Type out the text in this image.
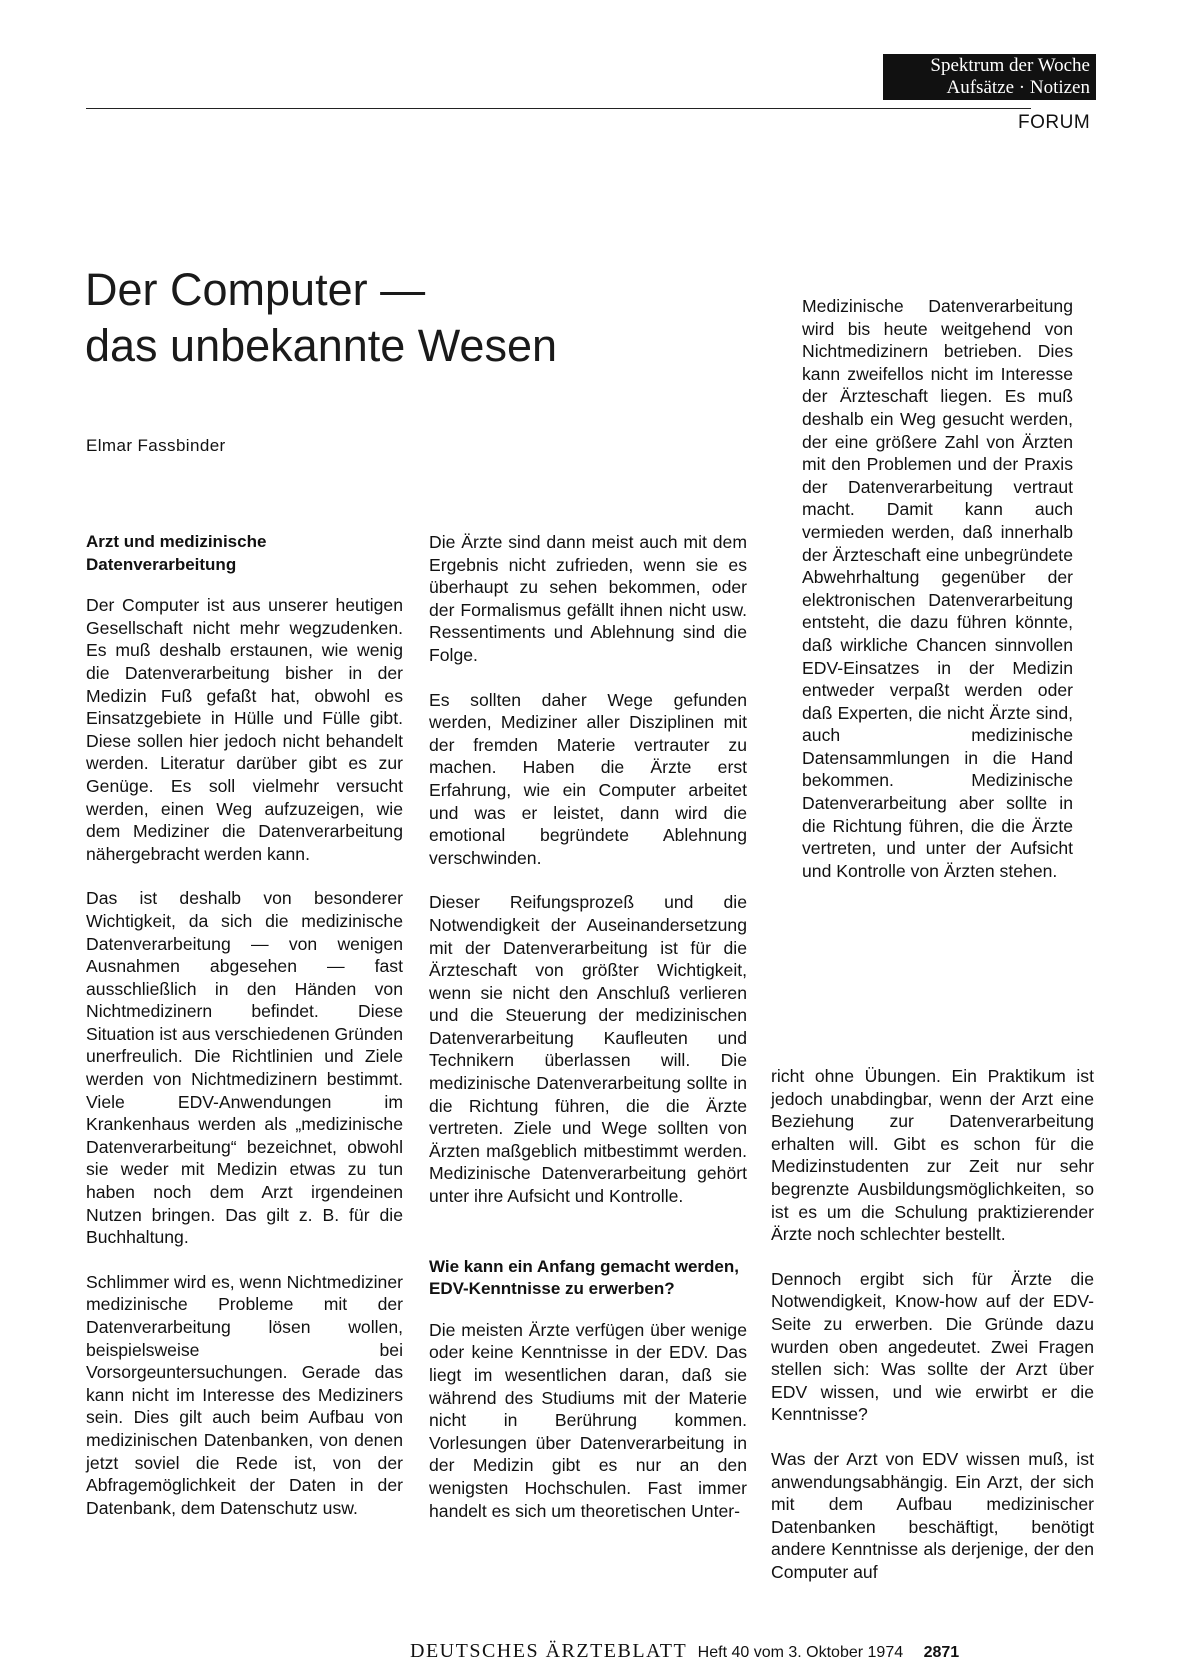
Spektrum der Woche
Aufsätze · Notizen
FORUM
Der Computer —
das unbekannte Wesen
Elmar Fassbinder
Arzt und medizinische Datenverarbeitung

Der Computer ist aus unserer heutigen Gesellschaft nicht mehr wegzudenken. Es muß deshalb erstaunen, wie wenig die Datenverarbeitung bisher in der Medizin Fuß gefaßt hat, obwohl es Einsatzgebiete in Hülle und Fülle gibt. Diese sollen hier jedoch nicht behandelt werden. Literatur darüber gibt es zur Genüge. Es soll vielmehr versucht werden, einen Weg aufzuzeigen, wie dem Mediziner die Datenverarbeitung nähergebracht werden kann.

Das ist deshalb von besonderer Wichtigkeit, da sich die medizinische Datenverarbeitung — von wenigen Ausnahmen abgesehen — fast ausschließlich in den Händen von Nichtmedizinern befindet. Diese Situation ist aus verschiedenen Gründen unerfreulich. Die Richtlinien und Ziele werden von Nichtmedizinern bestimmt. Viele EDV-Anwendungen im Krankenhaus werden als „medizinische Datenverarbeitung“ bezeichnet, obwohl sie weder mit Medizin etwas zu tun haben noch dem Arzt irgendeinen Nutzen bringen. Das gilt z. B. für die Buchhaltung.

Schlimmer wird es, wenn Nichtmediziner medizinische Probleme mit der Datenverarbeitung lösen wollen, beispielsweise bei Vorsorgeuntersuchungen. Gerade das kann nicht im Interesse des Mediziners sein. Dies gilt auch beim Aufbau von medizinischen Datenbanken, von denen jetzt soviel die Rede ist, von der Abfragemöglichkeit der Daten in der Datenbank, dem Datenschutz usw.

Die Ärzte sind dann meist auch mit dem Ergebnis nicht zufrieden, wenn sie es überhaupt zu sehen bekommen, oder der Formalismus gefällt ihnen nicht usw. Ressentiments und Ablehnung sind die Folge.

Es sollten daher Wege gefunden werden, Mediziner aller Disziplinen mit der fremden Materie vertrauter zu machen. Haben die Ärzte erst Erfahrung, wie ein Computer arbeitet und was er leistet, dann wird die emotional begründete Ablehnung verschwinden.

Dieser Reifungsprozeß und die Notwendigkeit der Auseinandersetzung mit der Datenverarbeitung ist für die Ärzteschaft von größter Wichtigkeit, wenn sie nicht den Anschluß verlieren und die Steuerung der medizinischen Datenverarbeitung Kaufleuten und Technikern überlassen will. Die medizinische Datenverarbeitung sollte in die Richtung führen, die die Ärzte vertreten. Ziele und Wege sollten von Ärzten maßgeblich mitbestimmt werden. Medizinische Datenverarbeitung gehört unter ihre Aufsicht und Kontrolle.

Wie kann ein Anfang gemacht werden, EDV-Kenntnisse zu erwerben?

Die meisten Ärzte verfügen über wenige oder keine Kenntnisse in der EDV. Das liegt im wesentlichen daran, daß sie während des Studiums mit der Materie nicht in Berührung kommen. Vorlesungen über Datenverarbeitung in der Medizin gibt es nur an den wenigsten Hochschulen. Fast immer handelt es sich um theoretischen Unter-

Medizinische Datenverarbeitung wird bis heute weitgehend von Nichtmedizinern betrieben. Dies kann zweifellos nicht im Interesse der Ärzteschaft liegen. Es muß deshalb ein Weg gesucht werden, der eine größere Zahl von Ärzten mit den Problemen und der Praxis der Datenverarbeitung vertraut macht. Damit kann auch vermieden werden, daß innerhalb der Ärzteschaft eine unbegründete Abwehrhaltung gegenüber der elektronischen Datenverarbeitung entsteht, die dazu führen könnte, daß wirkliche Chancen sinnvollen EDV-Einsatzes in der Medizin entweder verpaßt werden oder daß Experten, die nicht Ärzte sind, auch medizinische Datensammlungen in die Hand bekommen. Medizinische Datenverarbeitung aber sollte in die Richtung führen, die die Ärzte vertreten, und unter der Aufsicht und Kontrolle von Ärzten stehen.

richt ohne Übungen. Ein Praktikum ist jedoch unabdingbar, wenn der Arzt eine Beziehung zur Datenverarbeitung erhalten will. Gibt es schon für die Medizinstudenten zur Zeit nur sehr begrenzte Ausbildungsmöglichkeiten, so ist es um die Schulung praktizierender Ärzte noch schlechter bestellt.

Dennoch ergibt sich für Ärzte die Notwendigkeit, Know-how auf der EDV-Seite zu erwerben. Die Gründe dazu wurden oben angedeutet. Zwei Fragen stellen sich: Was sollte der Arzt über EDV wissen, und wie erwirbt er die Kenntnisse?

Was der Arzt von EDV wissen muß, ist anwendungsabhängig. Ein Arzt, der sich mit dem Aufbau medizinischer Datenbanken beschäftigt, benötigt andere Kenntnisse als derjenige, der den Computer auf

DEUTSCHES ÄRZTEBLATT Heft 40 vom 3. Oktober 1974 2871
